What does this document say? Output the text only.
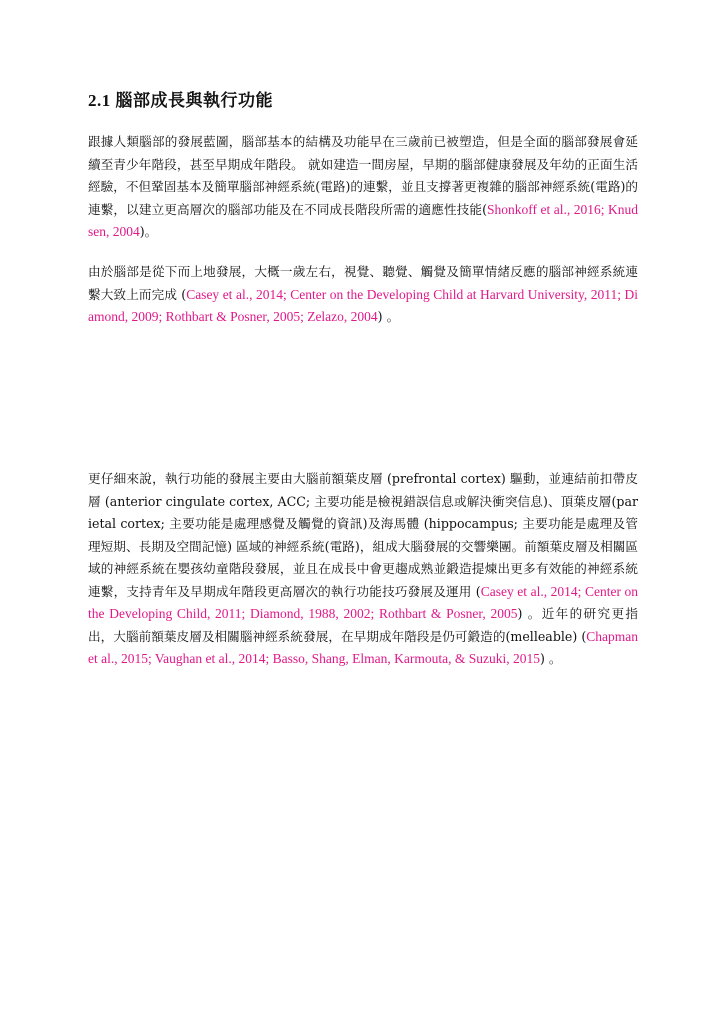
2.1 腦部成長與執行功能

跟據人類腦部的發展藍圖，腦部基本的結構及功能早在三歲前已被塑造，但是全面的腦部發展會延續至青少年階段，甚至早期成年階段。 就如建造一間房屋，早期的腦部健康發展及年幼的正面生活經驗，不但鞏固基本及簡單腦部神經系統(電路)的連繫，並且支撐著更複雜的腦部神經系統(電路)的連繫，以建立更高層次的腦部功能及在不同成長階段所需的適應性技能(Shonkoff et al., 2016; Knudsen, 2004)。

由於腦部是從下而上地發展，大概一歲左右，視覺、聽覺、觸覺及簡單情緒反應的腦部神經系統連繫大致上而完成 (Casey et al., 2014; Center on the Developing Child at Harvard University, 2011; Diamond, 2009; Rothbart & Posner, 2005; Zelazo, 2004) 。

更仔細來說，執行功能的發展主要由大腦前額葉皮層 (prefrontal cortex) 驅動，並連結前扣帶皮層 (anterior cingulate cortex, ACC; 主要功能是檢視錯誤信息或解決衝突信息)、頂葉皮層(parietal cortex; 主要功能是處理感覺及觸覺的資訊)及海馬體 (hippocampus; 主要功能是處理及管理短期、長期及空間記憶) 區域的神經系統(電路)，組成大腦發展的交響樂團。前額葉皮層及相關區域的神經系統在嬰孩幼童階段發展，並且在成長中會更趨成熟並鍛造提煉出更多有效能的神經系統連繫，支持青年及早期成年階段更高層次的執行功能技巧發展及運用 (Casey et al., 2014; Center on the Developing Child, 2011; Diamond, 1988, 2002; Rothbart & Posner, 2005) 。近年的研究更指出，大腦前額葉皮層及相關腦神經系統發展，在早期成年階段是仍可鍛造的(melleable) (Chapman et al., 2015; Vaughan et al., 2014; Basso, Shang, Elman, Karmouta, & Suzuki, 2015) 。
